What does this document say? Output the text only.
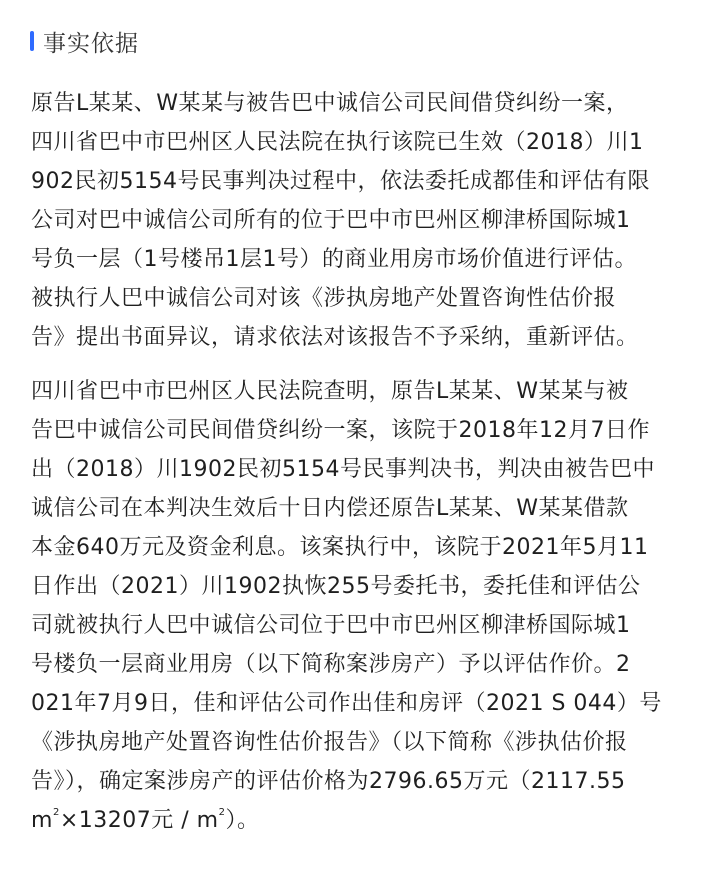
事实依据

原告L某某、W某某与被告巴中诚信公司民间借贷纠纷一案，
四川省巴中市巴州区人民法院在执行该院已生效（2018）川1
902民初5154号民事判决过程中，依法委托成都佳和评估有限
公司对巴中诚信公司所有的位于巴中市巴州区柳津桥国际城1
号负一层（1号楼吊1层1号）的商业用房市场价值进行评估。
被执行人巴中诚信公司对该《涉执房地产处置咨询性估价报
告》提出书面异议，请求依法对该报告不予采纳，重新评估。

四川省巴中市巴州区人民法院查明，原告L某某、W某某与被
告巴中诚信公司民间借贷纠纷一案，该院于2018年12月7日作
出（2018）川1902民初5154号民事判决书，判决由被告巴中
诚信公司在本判决生效后十日内偿还原告L某某、W某某借款
本金640万元及资金利息。该案执行中，该院于2021年5月11
日作出（2021）川1902执恢255号委托书，委托佳和评估公
司就被执行人巴中诚信公司位于巴中市巴州区柳津桥国际城1
号楼负一层商业用房（以下简称案涉房产）予以评估作价。2
021年7月9日，佳和评估公司作出佳和房评（2021 S 044）号
《涉执房地产处置咨询性估价报告》（以下简称《涉执估价报
告》），确定案涉房产的评估价格为2796.65万元（2117.55
$m^2\times 13207$元 / $m^2$）。
